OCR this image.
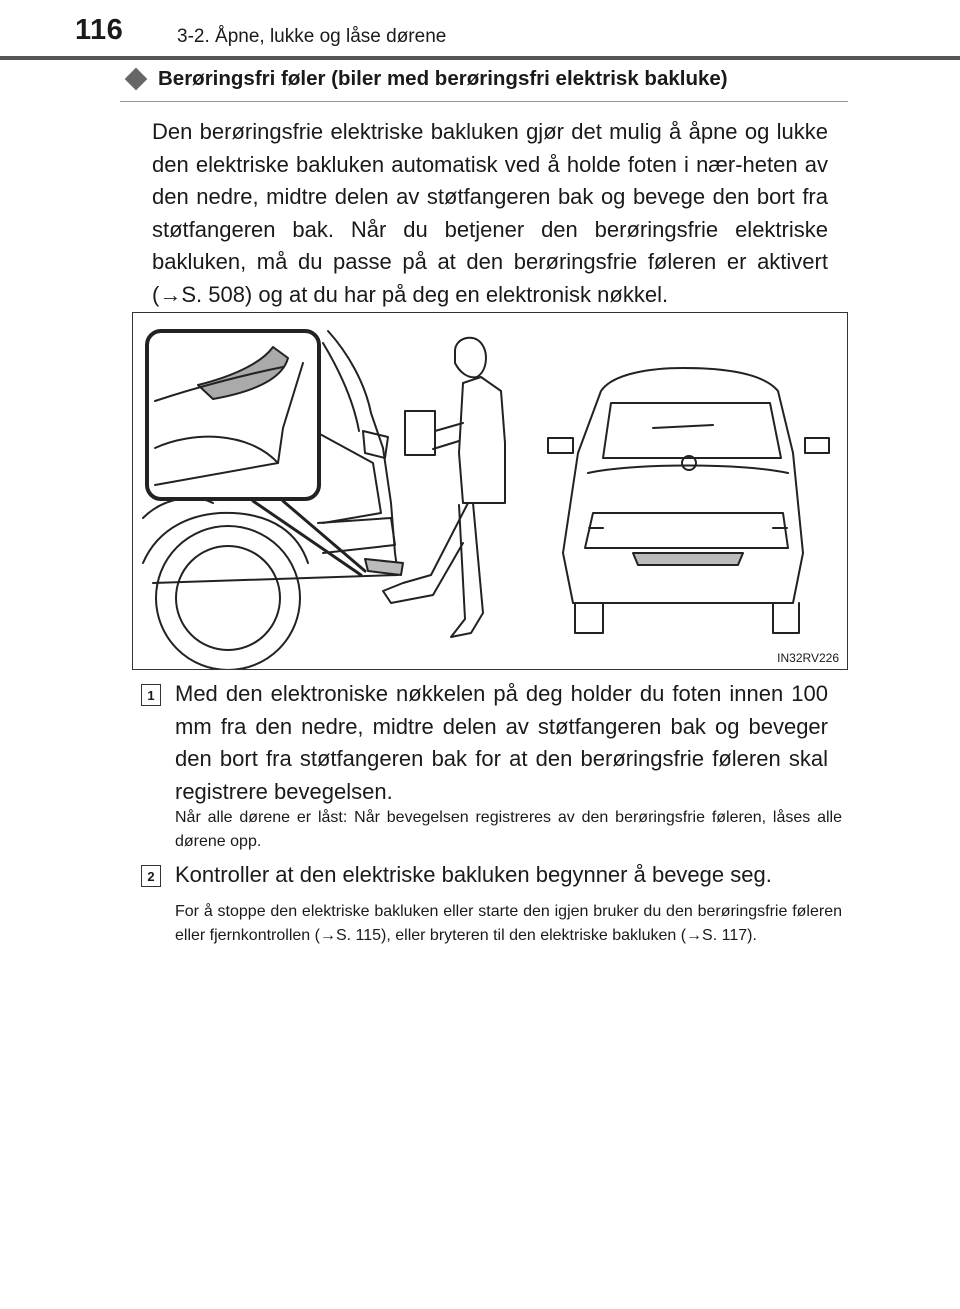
116	3-2. Åpne, lukke og låse dørene
Berøringsfri føler (biler med berøringsfri elektrisk bakluke)

Den berøringsfrie elektriske bakluken gjør det mulig å åpne og lukke den elektriske bakluken automatisk ved å holde foten i nær-heten av den nedre, midtre delen av støtfangeren bak og bevege den bort fra støtfangeren bak. Når du betjener den berøringsfrie elektriske bakluken, må du passe på at den berøringsfrie føleren er aktivert (→S. 508) og at du har på deg en elektronisk nøkkel.

IN32RV226
1 Med den elektroniske nøkkelen på deg holder du foten innen 100 mm fra den nedre, midtre delen av støtfangeren bak og beveger den bort fra støtfangeren bak for at den berøringsfrie føleren skal registrere bevegelsen.

Når alle dørene er låst: Når bevegelsen registreres av den berøringsfrie føleren, låses alle dørene opp.

2 Kontroller at den elektriske bakluken begynner å bevege seg.

For å stoppe den elektriske bakluken eller starte den igjen bruker du den berøringsfrie føleren eller fjernkontrollen (→S. 115), eller bryteren til den elektriske bakluken (→S. 117).
